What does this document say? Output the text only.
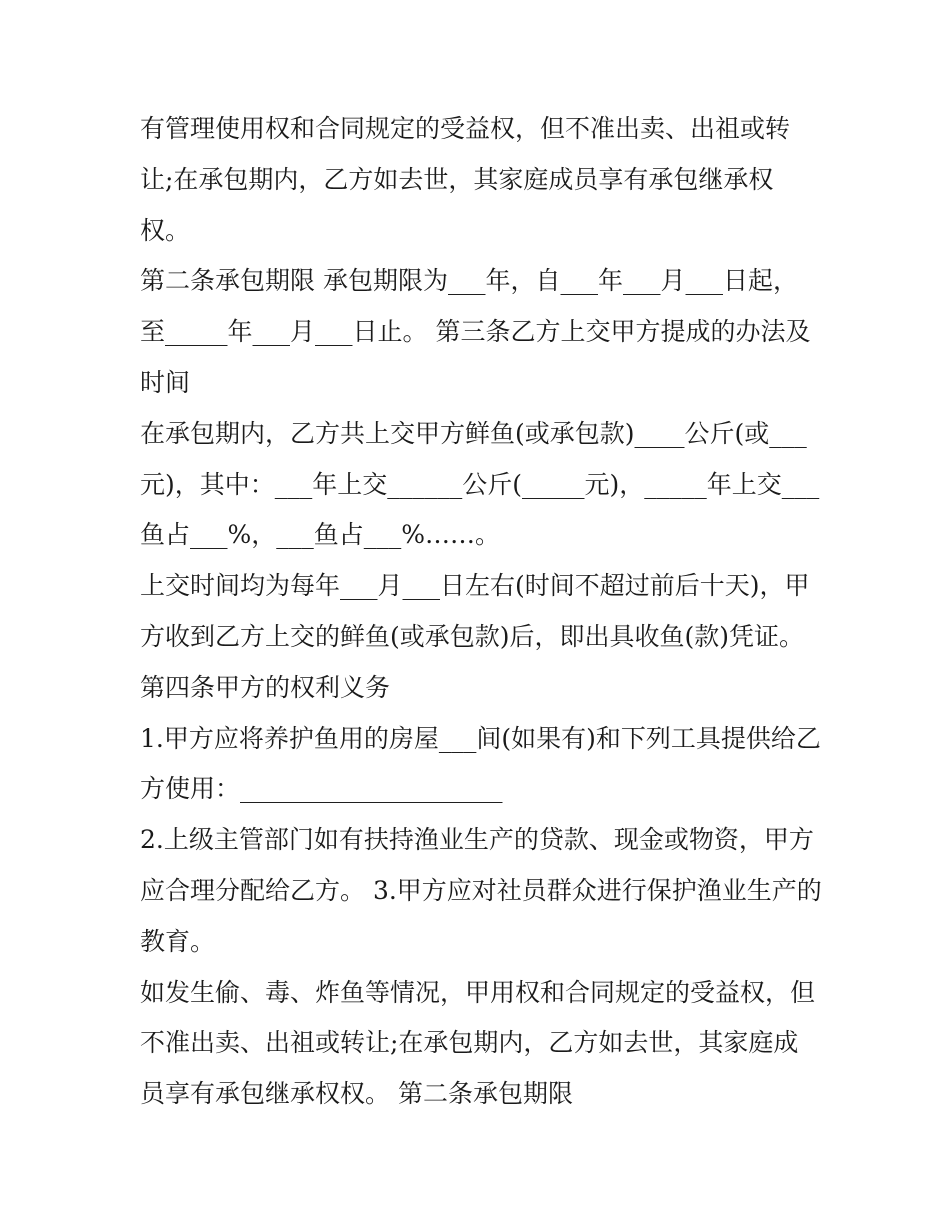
有管理使用权和合同规定的受益权，但不准出卖、出祖或转
让;在承包期内，乙方如去世，其家庭成员享有承包继承权
权。
第二条承包期限 承包期限为___年，自___年___月___日起，
至_____年___月___日止。 第三条乙方上交甲方提成的办法及
时间
在承包期内，乙方共上交甲方鲜鱼(或承包款)____公斤(或___
元)，其中：___年上交______公斤(_____元)，_____年上交___
鱼占___%，___鱼占___%……。
上交时间均为每年___月___日左右(时间不超过前后十天)，甲
方收到乙方上交的鲜鱼(或承包款)后，即出具收鱼(款)凭证。
第四条甲方的权利义务
1.甲方应将养护鱼用的房屋___间(如果有)和下列工具提供给乙
方使用：_____________________
2.上级主管部门如有扶持渔业生产的贷款、现金或物资，甲方
应合理分配给乙方。 3.甲方应对社员群众进行保护渔业生产的
教育。
如发生偷、毒、炸鱼等情况，甲用权和合同规定的受益权，但
不准出卖、出祖或转让;在承包期内，乙方如去世，其家庭成
员享有承包继承权权。 第二条承包期限
